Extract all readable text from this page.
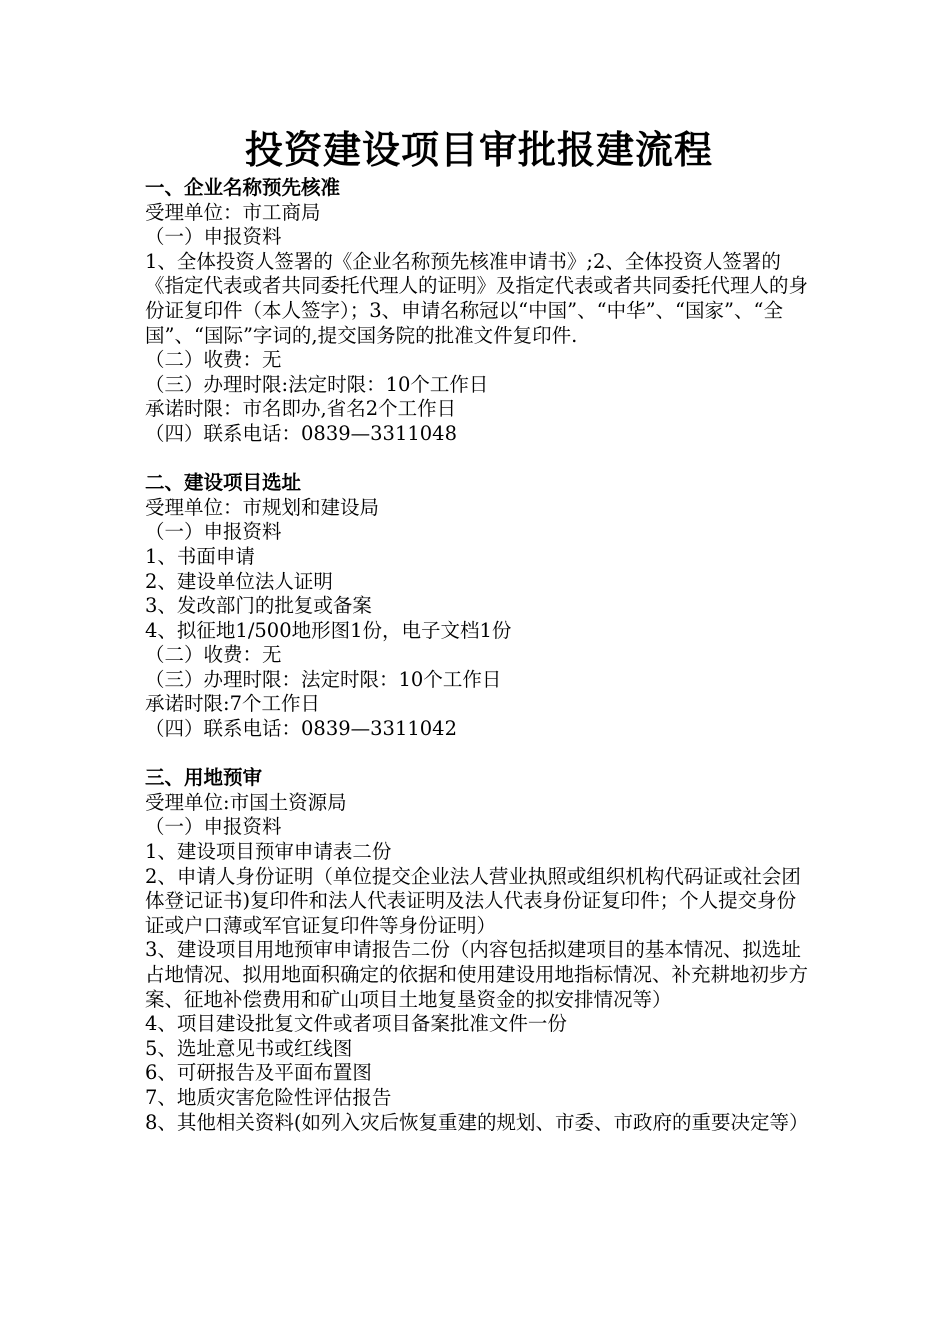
投资建设项目审批报建流程
一、企业名称预先核准
受理单位：市工商局
（一）申报资料
1、全体投资人签署的《企业名称预先核准申请书》;2、全体投资人签署的《指定代表或者共同委托代理人的证明》及指定代表或者共同委托代理人的身份证复印件（本人签字）；3、申请名称冠以“中国”、“中华”、“国家”、“全国”、“国际”字词的,提交国务院的批准文件复印件.
（二）收费：无
（三）办理时限:法定时限：10个工作日
承诺时限：市名即办,省名2个工作日
（四）联系电话：0839—3311048
二、建设项目选址
受理单位：市规划和建设局
（一）申报资料
1、书面申请
2、建设单位法人证明
3、发改部门的批复或备案
4、拟征地1/500地形图1份，电子文档1份
（二）收费：无
（三）办理时限：法定时限：10个工作日
承诺时限:7个工作日
（四）联系电话：0839—3311042
三、用地预审
受理单位:市国土资源局
（一）申报资料
1、建设项目预审申请表二份
2、申请人身份证明（单位提交企业法人营业执照或组织机构代码证或社会团体登记证书)复印件和法人代表证明及法人代表身份证复印件；个人提交身份证或户口薄或军官证复印件等身份证明）
3、建设项目用地预审申请报告二份（内容包括拟建项目的基本情况、拟选址占地情况、拟用地面积确定的依据和使用建设用地指标情况、补充耕地初步方案、征地补偿费用和矿山项目土地复垦资金的拟安排情况等）
4、项目建设批复文件或者项目备案批准文件一份
5、选址意见书或红线图
6、可研报告及平面布置图
7、地质灾害危险性评估报告
8、其他相关资料(如列入灾后恢复重建的规划、市委、市政府的重要决定等）
